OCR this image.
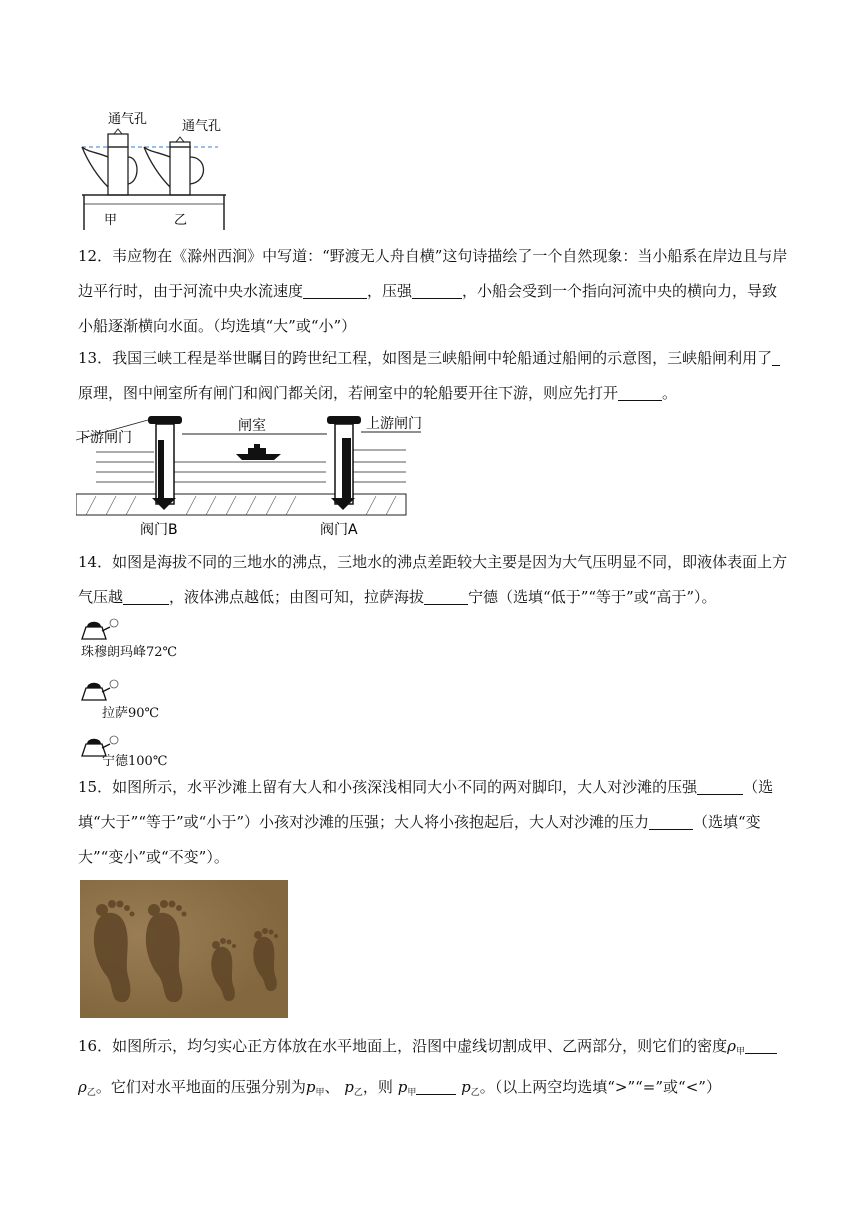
通气孔	通气孔
甲	乙
12．韦应物在《滁州西涧》中写道：“野渡无人舟自横”这句诗描绘了一个自然现象：当小船系在岸边且与岸边平行时，由于河流中央水流速度	，压强	，小船会受到一个指向河流中央的横向力，导致小船逐渐横向水面。（均选填“大”或“小”）
13．我国三峡工程是举世瞩目的跨世纪工程，如图是三峡船闸中轮船通过船闸的示意图，三峡船闸利用了原理，图中闸室所有闸门和阀门都关闭，若闸室中的轮船要开往下游，则应先打开	。
闸室	上游闸门
下游闸门
阀门B	阀门A
14．如图是海拔不同的三地水的沸点，三地水的沸点差距较大主要是因为大气压明显不同，即液体表面上方气压越	，液体沸点越低；由图可知，拉萨海拔	宁德（选填“低于”“等于”或“高于”）。
珠穆朗玛峰72℃
拉萨90℃
宁德100℃
15．如图所示，水平沙滩上留有大人和小孩深浅相同大小不同的两对脚印，大人对沙滩的压强	（选填“大于”“等于”或“小于”）小孩对沙滩的压强；大人将小孩抱起后，大人对沙滩的压力	（选填“变大”“变小”或“不变”）。
16．如图所示，均匀实心正方体放在水平地面上，沿图中虚线切割成甲、乙两部分，则它们的密度$\rho_甲$ $\rho_乙$。它们对水平地面的压强分别为$p_甲$、 $p_乙$，则 $p_甲$	$p_乙$。（以上两空均选填“>”“=”或“<”）
